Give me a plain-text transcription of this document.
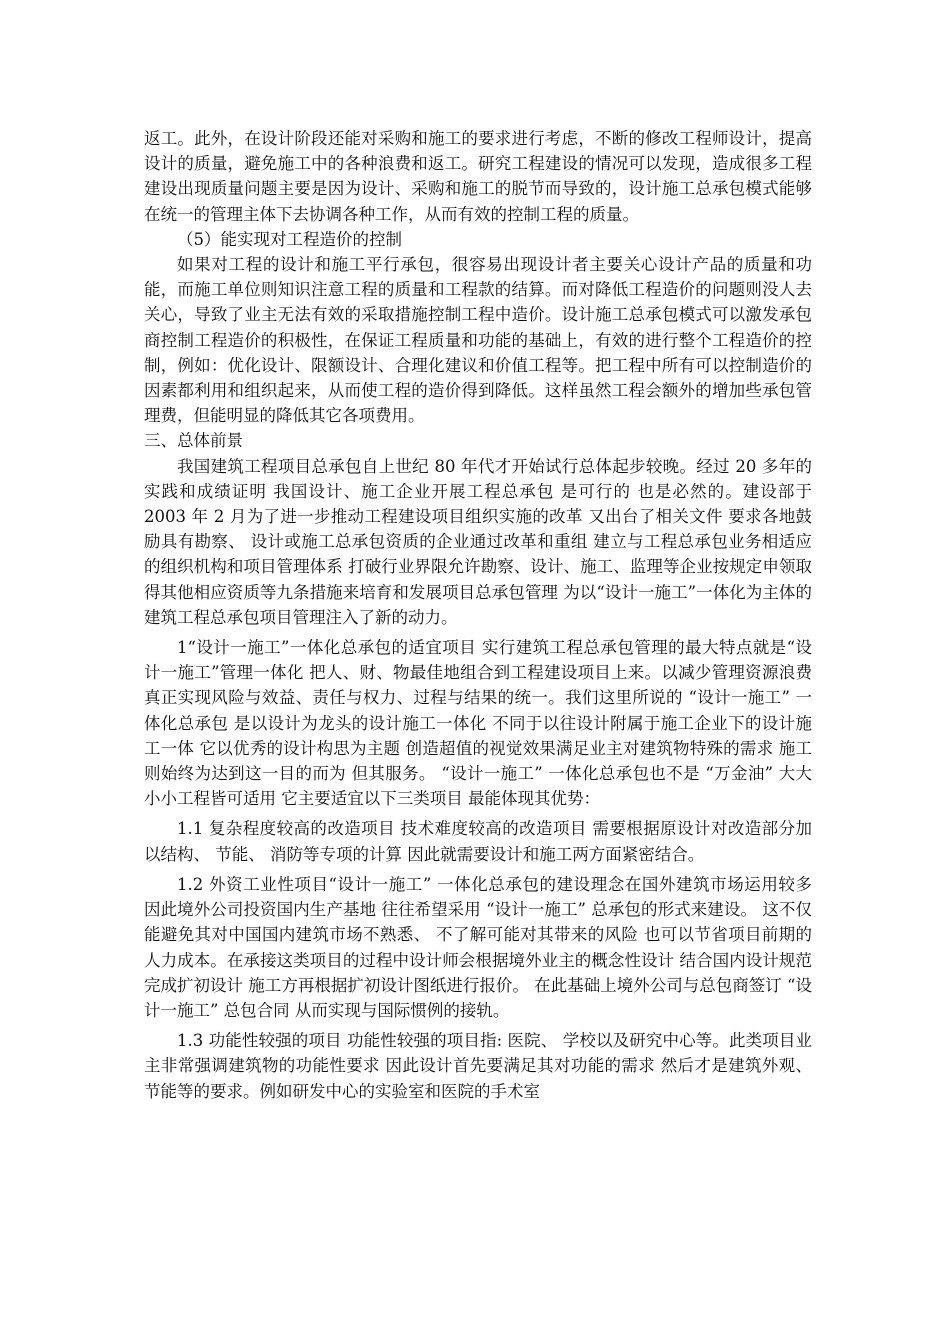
返工。此外，在设计阶段还能对采购和施工的要求进行考虑，不断的修改工程师设计，提高设计的质量，避免施工中的各种浪费和返工。研究工程建设的情况可以发现，造成很多工程建设出现质量问题主要是因为设计、采购和施工的脱节而导致的，设计施工总承包模式能够在统一的管理主体下去协调各种工作，从而有效的控制工程的质量。

（5）能实现对工程造价的控制

如果对工程的设计和施工平行承包，很容易出现设计者主要关心设计产品的质量和功能，而施工单位则知识注意工程的质量和工程款的结算。而对降低工程造价的问题则没人去关心，导致了业主无法有效的采取措施控制工程中造价。设计施工总承包模式可以激发承包商控制工程造价的积极性，在保证工程质量和功能的基础上，有效的进行整个工程造价的控制，例如：优化设计、限额设计、合理化建议和价值工程等。把工程中所有可以控制造价的因素都利用和组织起来，从而使工程的造价得到降低。这样虽然工程会额外的增加些承包管理费，但能明显的降低其它各项费用。

三、总体前景

我国建筑工程项目总承包自上世纪 80 年代才开始试行总体起步较晚。经过 20 多年的实践和成绩证明 我国设计、施工企业开展工程总承包 是可行的 也是必然的。建设部于 2003 年 2 月为了进一步推动工程建设项目组织实施的改革 又出台了相关文件 要求各地鼓励具有勘察、 设计或施工总承包资质的企业通过改革和重组 建立与工程总承包业务相适应的组织机构和项目管理体系 打破行业界限允许勘察、设计、施工、监理等企业按规定申领取得其他相应资质等九条措施来培育和发展项目总承包管理 为以“设计一施工”一体化为主体的建筑工程总承包项目管理注入了新的动力。

1“设计一施工”一体化总承包的适宜项目 实行建筑工程总承包管理的最大特点就是“设计一施工”管理一体化 把人、财、物最佳地组合到工程建设项目上来。以减少管理资源浪费 真正实现风险与效益、责任与权力、过程与结果的统一。我们这里所说的 “设计一施工” 一体化总承包 是以设计为龙头的设计施工一体化 不同于以往设计附属于施工企业下的设计施工一体 它以优秀的设计构思为主题 创造超值的视觉效果满足业主对建筑物特殊的需求 施工则始终为达到这一目的而为 但其服务。 “设计一施工” 一体化总承包也不是 “万金油” 大大小小工程皆可适用 它主要适宜以下三类项目 最能体现其优势：

1.1 复杂程度较高的改造项目 技术难度较高的改造项目 需要根据原设计对改造部分加以结构、 节能、 消防等专项的计算 因此就需要设计和施工两方面紧密结合。

1.2 外资工业性项目“设计一施工” 一体化总承包的建设理念在国外建筑市场运用较多 因此境外公司投资国内生产基地 往往希望采用 “设计一施工” 总承包的形式来建设。 这不仅能避免其对中国国内建筑市场不熟悉、 不了解可能对其带来的风险 也可以节省项目前期的人力成本。在承接这类项目的过程中设计师会根据境外业主的概念性设计 结合国内设计规范 完成扩初设计 施工方再根据扩初设计图纸进行报价。 在此基础上境外公司与总包商签订 “设计一施工” 总包合同 从而实现与国际惯例的接轨。

1.3 功能性较强的项目 功能性较强的项目指: 医院、 学校以及研究中心等。此类项目业主非常强调建筑物的功能性要求 因此设计首先要满足其对功能的需求 然后才是建筑外观、 节能等的要求。例如研发中心的实验室和医院的手术室
